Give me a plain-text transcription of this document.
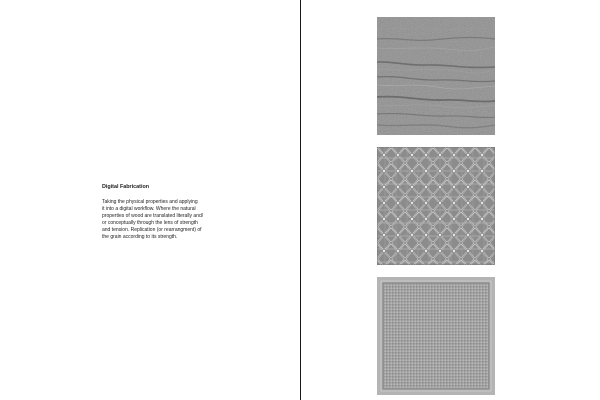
Digital Fabrication
Taking the physical properties and applying
it into a digital workflow. Where the natural
properties of wood are translated literally and/
or conceptually through the lens of strength
and tension. Replication (or rearrangment) of
the grain according to its strength.
